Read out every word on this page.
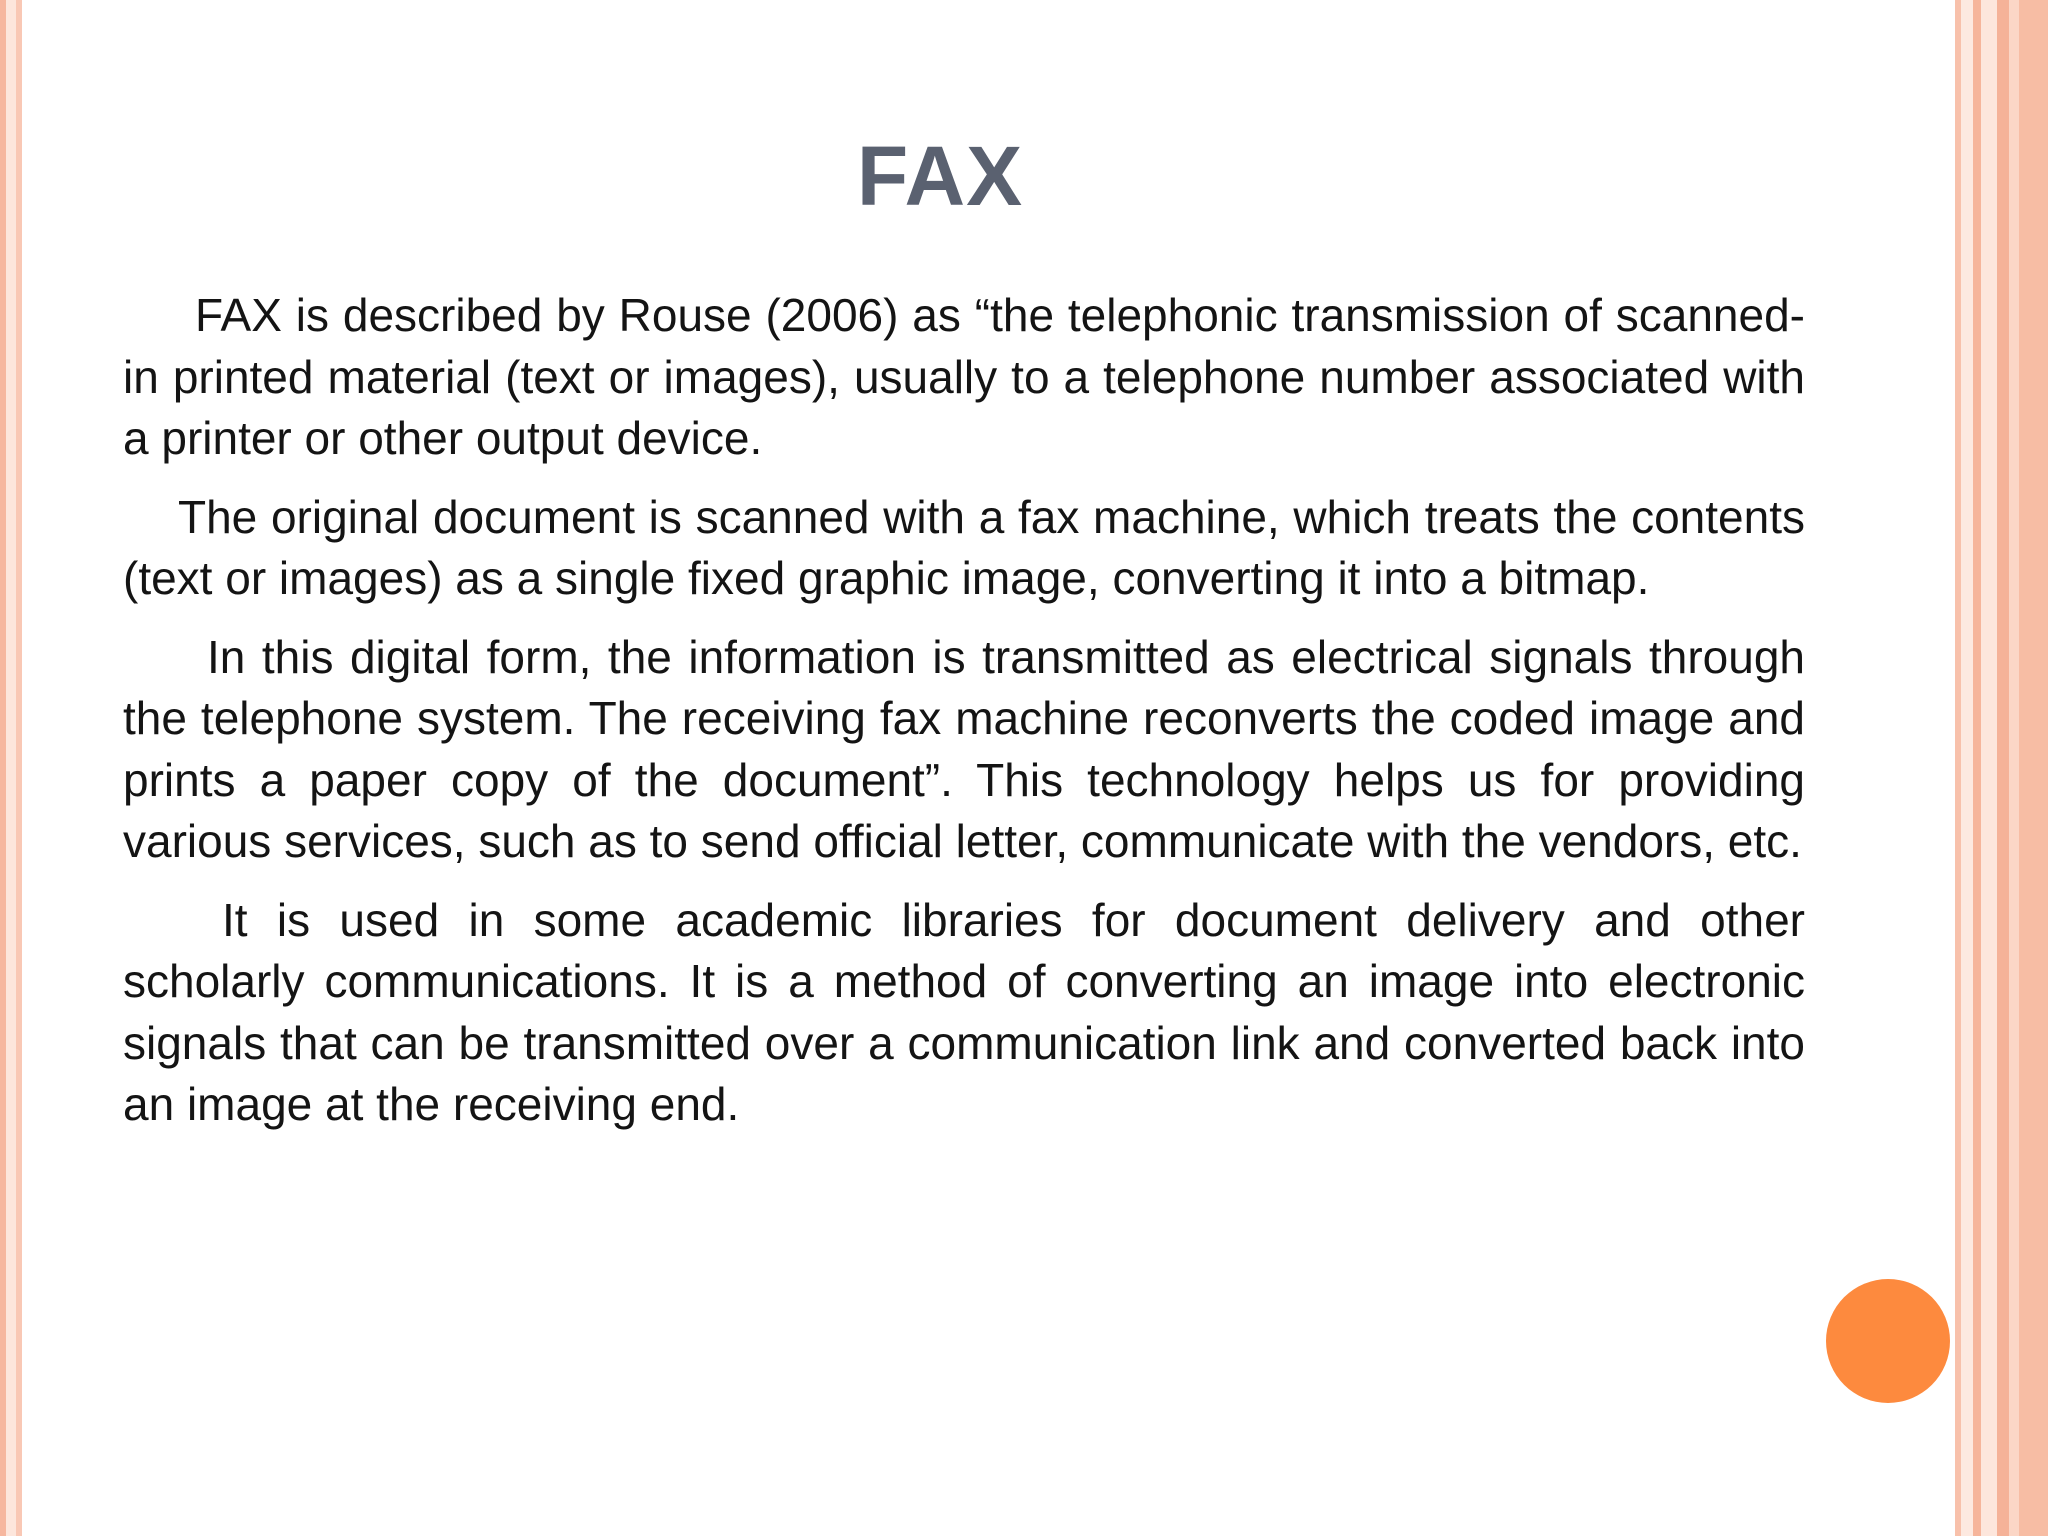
FAX

FAX is described by Rouse (2006) as “the telephonic transmission of scanned-in printed material (text or images), usually to a telephone number associated with a printer or other output device.

The original document is scanned with a fax machine, which treats the contents (text or images) as a single fixed graphic image, converting it into a bitmap.

In this digital form, the information is transmitted as electrical signals through the telephone system. The receiving fax machine reconverts the coded image and prints a paper copy of the document”. This technology helps us for providing various services, such as to send official letter, communicate with the vendors, etc.

It is used in some academic libraries for document delivery and other scholarly communications. It is a method of converting an image into electronic signals that can be transmitted over a communication link and converted back into an image at the receiving end.
